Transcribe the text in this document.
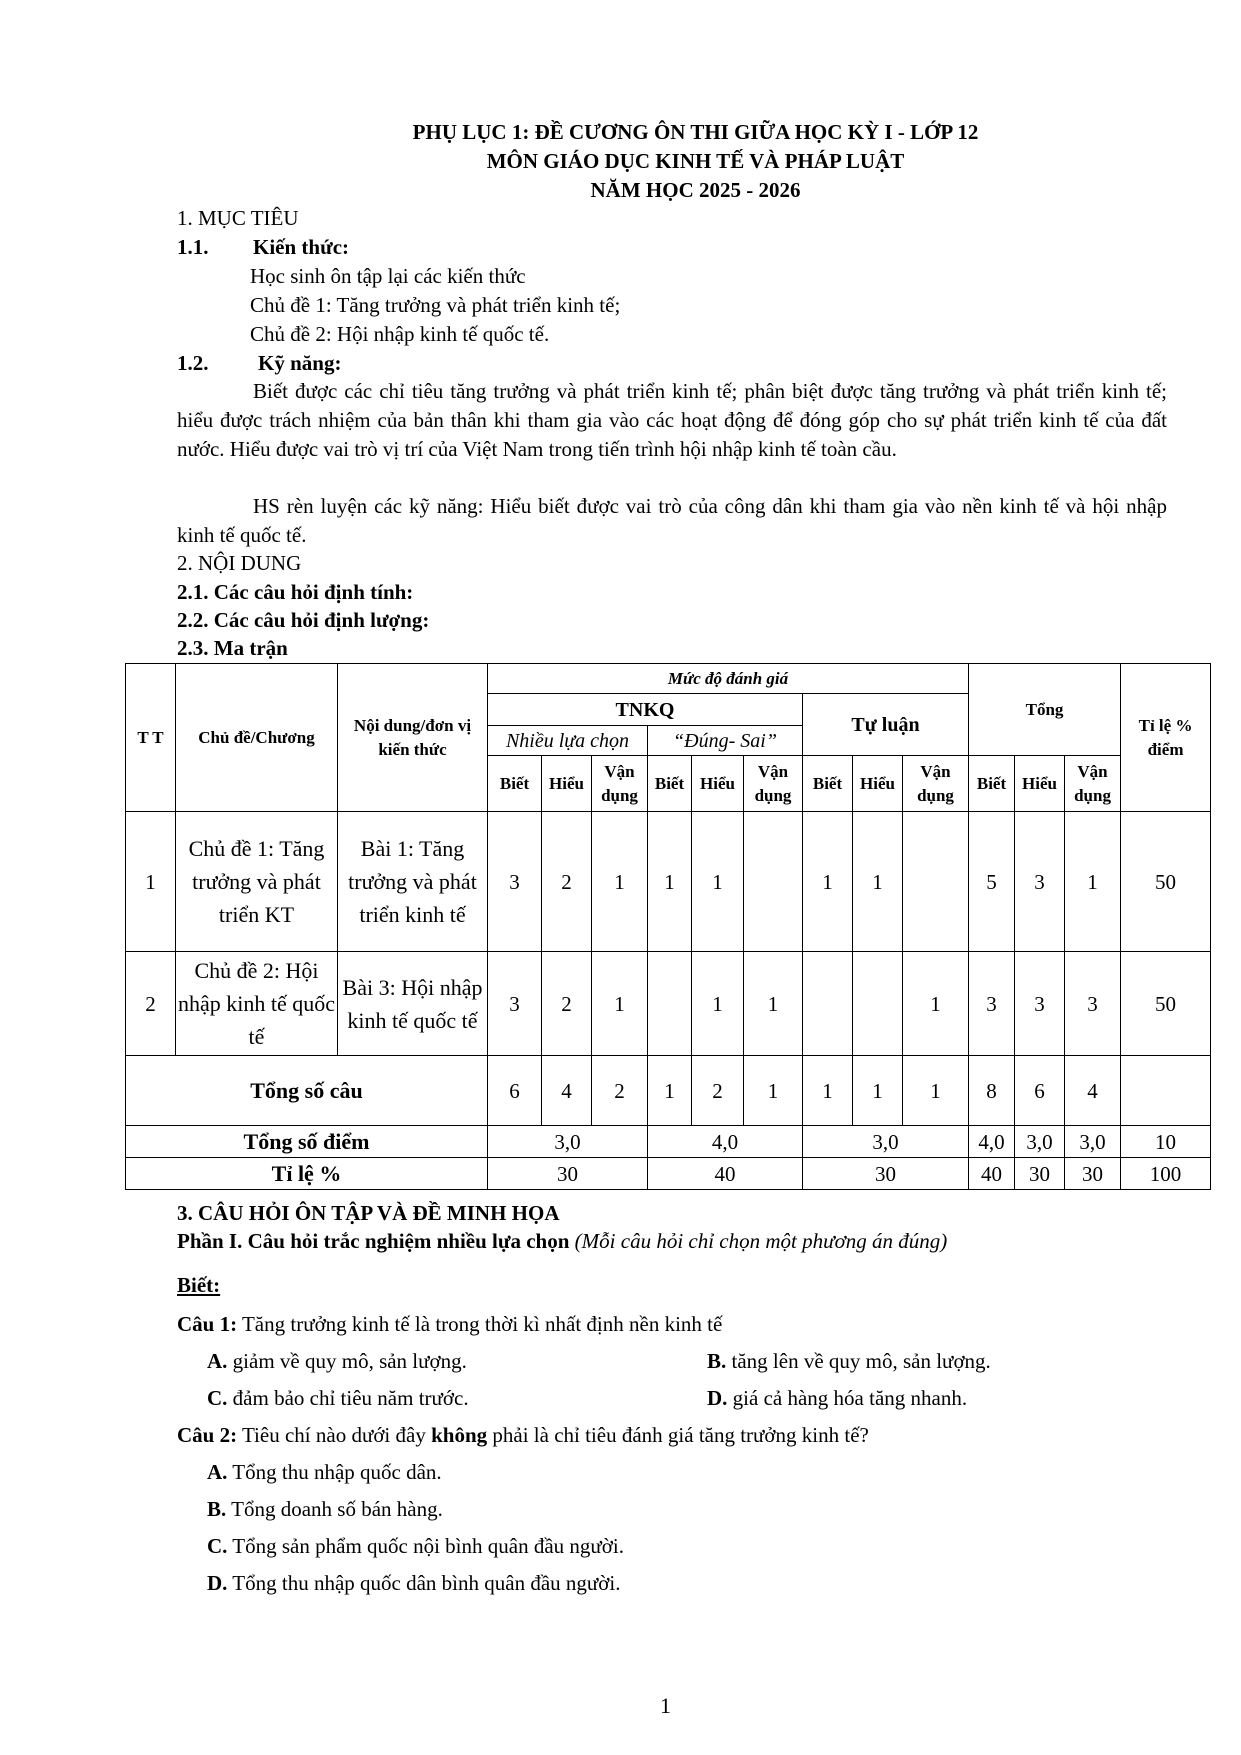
PHỤ LỤC 1: ĐỀ CƯƠNG ÔN THI GIỮA HỌC KỲ I - LỚP 12
MÔN GIÁO DỤC KINH TẾ VÀ PHÁP LUẬT
NĂM HỌC 2025 - 2026
1. MỤC TIÊU
1.1. Kiến thức:
Học sinh ôn tập lại các kiến thức
Chủ đề 1: Tăng trưởng và phát triển kinh tế;
Chủ đề 2: Hội nhập kinh tế quốc tế.
1.2. Kỹ năng:
Biết được các chỉ tiêu tăng trưởng và phát triển kinh tế; phân biệt được tăng trưởng và phát triển kinh tế; hiểu được trách nhiệm của bản thân khi tham gia vào các hoạt động để đóng góp cho sự phát triển kinh tế của đất nước. Hiểu được vai trò vị trí của Việt Nam trong tiến trình hội nhập kinh tế toàn cầu.
HS rèn luyện các kỹ năng: Hiểu biết được vai trò của công dân khi tham gia vào nền kinh tế và hội nhập kinh tế quốc tế.
2. NỘI DUNG
2.1. Các câu hỏi định tính:
2.2. Các câu hỏi định lượng:
2.3. Ma trận
T T	Chủ đề/Chương	Nội dung/đơn vị kiến thức	Mức độ đánh giá									Tổng			Tỉ lệ % điểm
			TNKQ						Tự luận						
			Nhiều lựa chọn			“Đúng- Sai”									
			Biết	Hiểu	Vận dụng	Biết	Hiểu	Vận dụng	Biết	Hiểu	Vận dụng	Biết	Hiểu	Vận dụng	
1	Chủ đề 1: Tăng trưởng và phát triển KT	Bài 1: Tăng trưởng và phát triển kinh tế	3	2	1	1	1		1	1		5	3	1	50
2	Chủ đề 2: Hội nhập kinh tế quốc tế	Bài 3: Hội nhập kinh tế quốc tế	3	2	1		1	1			1	3	3	3	50
Tổng số câu			6	4	2	1	2	1	1	1	1	8	6	4	
Tổng số điểm			3,0			4,0			3,0			4,0	3,0	3,0	10
Tỉ lệ %			30			40			30			40	30	30	100
3. CÂU HỎI ÔN TẬP VÀ ĐỀ MINH HỌA
Phần I. Câu hỏi trắc nghiệm nhiều lựa chọn (Mỗi câu hỏi chỉ chọn một phương án đúng)
Biết:
Câu 1: Tăng trưởng kinh tế là trong thời kì nhất định nền kinh tế
A. giảm về quy mô, sản lượng.	B. tăng lên về quy mô, sản lượng.
C. đảm bảo chỉ tiêu năm trước.	D. giá cả hàng hóa tăng nhanh.
Câu 2: Tiêu chí nào dưới đây không phải là chỉ tiêu đánh giá tăng trưởng kinh tế?
A. Tổng thu nhập quốc dân.
B. Tổng doanh số bán hàng.
C. Tổng sản phẩm quốc nội bình quân đầu người.
D. Tổng thu nhập quốc dân bình quân đầu người.
1
